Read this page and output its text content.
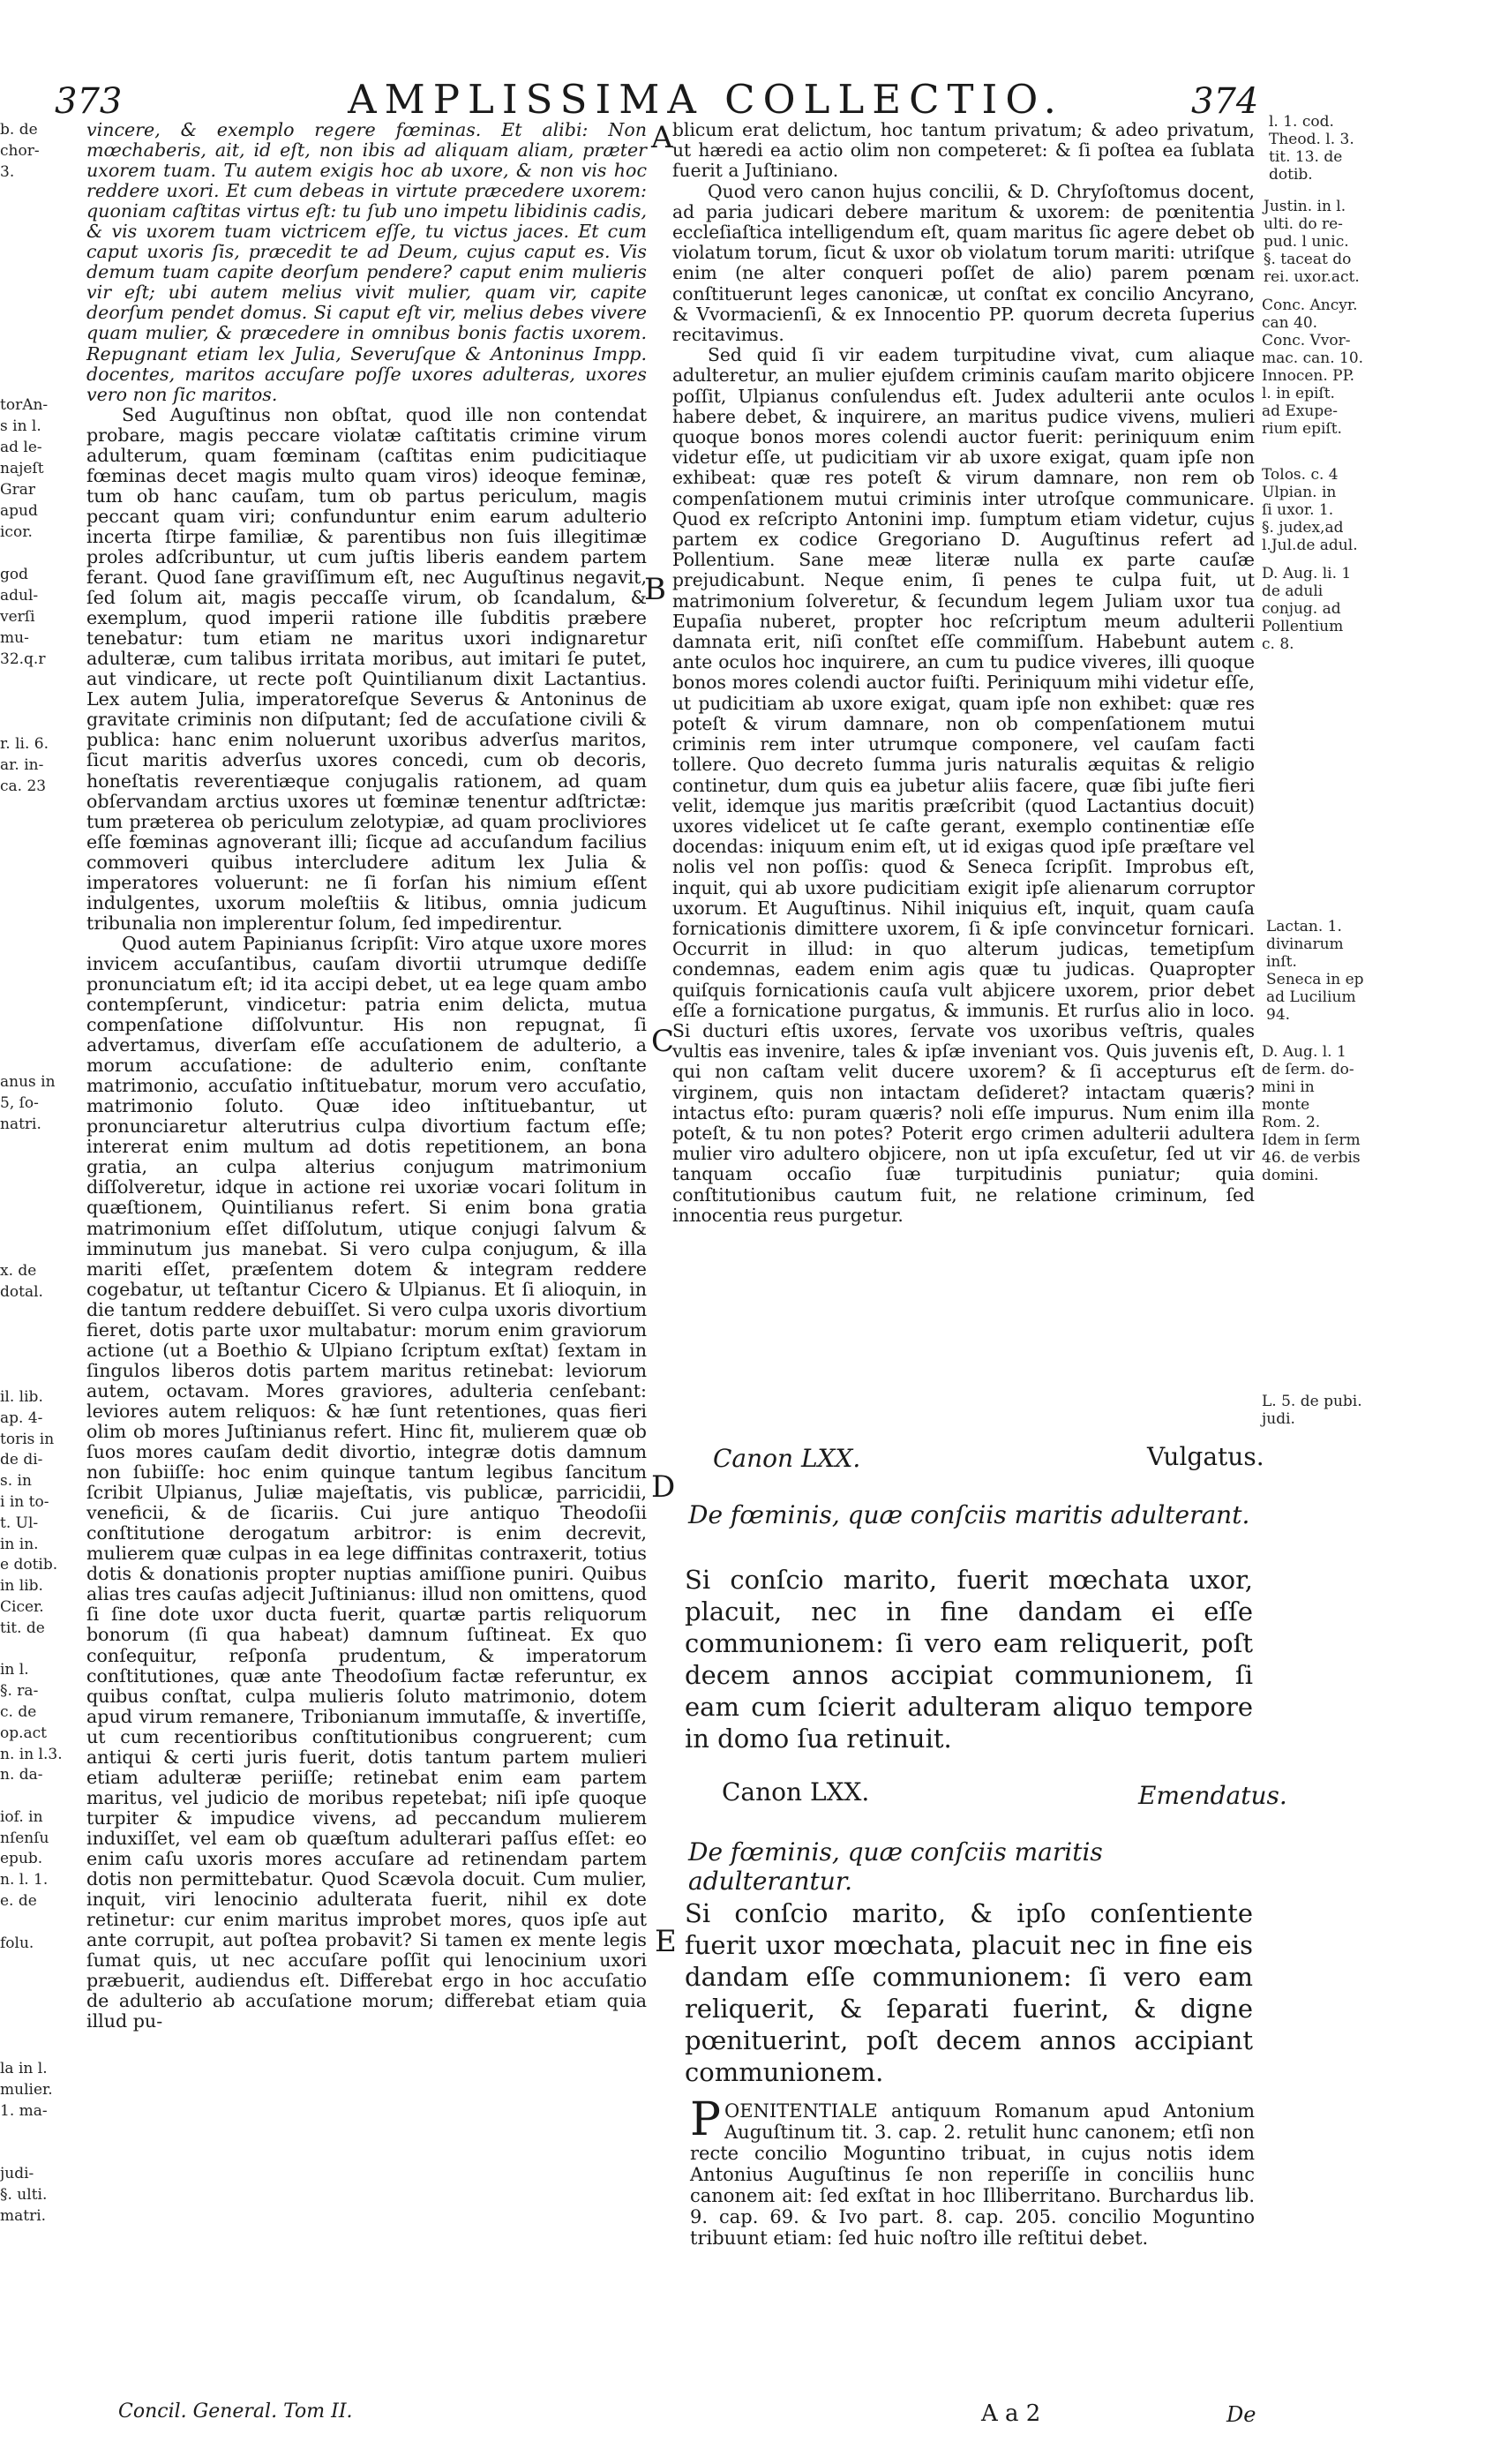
373	AMPLISSIMA COLLECTIO.	374
b. de
chor-
3.

torAn-
s in l.
ad le-
najeſt
Grar
apud
icor.

god
adul-
verſi
mu-
32.q.r

r. li. 6.
ar. in-
ca. 23
anus in
5, ſo-
natri.

x. de
dotal.

il. lib.
ap. 4-
toris in
de di-
s. in
i in to-
t. Ul-
in in.
e dotib.
in lib.
Cicer.
tit. de

in l.
§. ra-
c. de
ор.асt
n. in l.3.
n. da-

iof. in
nſenſu
epub.
n. l. 1.
e. de

folu.

la in l.
mulier.
1. ma-

judi-
§. ulti.
matri.
A
B
C
D
E

vincere, & exemplo regere fœminas. Et alibi: Non mœchaberis, ait, id eſt, non ibis ad aliquam aliam, præter uxorem tuam. Tu autem exigis hoc ab uxore, & non vis hoc reddere uxori. Et cum debeas in virtute præcedere uxorem: quoniam caſtitas virtus eſt: tu ſub uno impetu libidinis cadis, & vis uxorem tuam victricem eſſe, tu victus jaces. Et cum caput uxoris ſis, præcedit te ad Deum, cujus caput es. Vis demum tuam capite deorſum pendere? caput enim mulieris vir eſt; ubi autem melius vivit mulier, quam vir, capite deorſum pendet domus. Si caput eſt vir, melius debes vivere quam mulier, & præcedere in omnibus bonis factis uxorem. Repugnant etiam lex Julia, Severuſque & Antoninus Impp. docentes, maritos accuſare poſſe uxores adulteras, uxores vero non ſic maritos.

Sed Auguſtinus non obſtat, quod ille non contendat probare, magis peccare violatæ caſtitatis crimine virum adulterum, quam fœminam (caſtitas enim pudicitiaque fœminas decet magis multo quam viros) ideoque feminæ, tum ob hanc cauſam, tum ob partus periculum, magis peccant quam viri; confunduntur enim earum adulterio incerta ſtirpe familiæ, & parentibus non ſuis illegitimæ proles adſcribuntur, ut cum juſtis liberis eandem partem ferant. Quod ſane graviſſimum eſt, nec Auguſtinus negavit, ſed ſolum ait, magis peccaſſe virum, ob ſcandalum, & exemplum, quod imperii ratione ille ſubditis præbere tenebatur: tum etiam ne maritus uxori indignaretur adulteræ, cum talibus irritata moribus, aut imitari ſe putet, aut vindicare, ut recte poſt Quintilianum dixit Lactantius. Lex autem Julia, imperatoreſque Severus & Antoninus de gravitate criminis non diſputant; ſed de accuſatione civili & publica: hanc enim noluerunt uxoribus adverſus maritos, ſicut maritis adverſus uxores concedi, cum ob decoris, honeſtatis reverentiæque conjugalis rationem, ad quam obſervandam arctius uxores ut fœminæ tenentur adſtrictæ: tum præterea ob periculum zelotypiæ, ad quam procliviores eſſe fœminas agnoverant illi; ſicque ad accuſandum facilius commoveri quibus intercludere aditum lex Julia & imperatores voluerunt: ne ſi forſan his nimium eſſent indulgentes, uxorum moleſtiis & litibus, omnia judicum tribunalia non implerentur ſolum, ſed impedirentur.

Quod autem Papinianus ſcripſit: Viro atque uxore mores invicem accuſantibus, cauſam divortii utrumque dediſſe pronunciatum eſt; id ita accipi debet, ut ea lege quam ambo contempſerunt, vindicetur: patria enim delicta, mutua compenſatione diſſolvuntur. His non repugnat, ſi advertamus, diverſam eſſe accuſationem de adulterio, a morum accuſatione: de adulterio enim, conſtante matrimonio, accuſatio inſtituebatur, morum vero accuſatio, matrimonio ſoluto. Quæ ideo inſtituebantur, ut pronunciaretur alterutrius culpa divortium factum eſſe; intererat enim multum ad dotis repetitionem, an bona gratia, an culpa alterius conjugum matrimonium diſſolveretur, idque in actione rei uxoriæ vocari ſolitum in quæſtionem, Quintilianus refert. Si enim bona gratia matrimonium eſſet diſſolutum, utique conjugi ſalvum & imminutum jus manebat. Si vero culpa conjugum, & illa mariti eſſet, præſentem dotem & integram reddere cogebatur, ut teſtantur Cicero & Ulpianus. Et ſi alioquin, in die tantum reddere debuiſſet. Si vero culpa uxoris divortium fieret, dotis parte uxor multabatur: morum enim graviorum actione (ut a Boethio & Ulpiano ſcriptum exſtat) ſextam in ſingulos liberos dotis partem maritus retinebat: leviorum autem, octavam. Mores graviores, adulteria cenſebant: leviores autem reliquos: & hæ ſunt retentiones, quas fieri olim ob mores Juſtinianus refert. Hinc fit, mulierem quæ ob ſuos mores cauſam dedit divortio, integræ dotis damnum non ſubiiſſe: hoc enim quinque tantum legibus ſancitum ſcribit Ulpianus, Juliæ majeſtatis, vis publicæ, parricidii, veneficii, & de ſicariis. Cui jure antiquo Theodoſii conſtitutione derogatum arbitror: is enim decrevit, mulierem quæ culpas in ea lege diffinitas contraxerit, totius dotis & donationis propter nuptias amiſſione puniri. Quibus alias tres cauſas adjecit Juſtinianus: illud non omittens, quod ſi ſine dote uxor ducta fuerit, quartæ partis reliquorum bonorum (ſi qua habeat) damnum ſuſtineat. Ex quo conſequitur, reſponſa prudentum, & imperatorum conſtitutiones, quæ ante Theodoſium factæ referuntur, ex quibus conſtat, culpa mulieris ſoluto matrimonio, dotem apud virum remanere, Tribonianum immutaſſe, & invertiſſe, ut cum recentioribus conſtitutionibus congruerent; cum antiqui & certi juris fuerit, dotis tantum partem mulieri etiam adulteræ periiſſe; retinebat enim eam partem maritus, vel judicio de moribus repetebat; niſi ipſe quoque turpiter & impudice vivens, ad peccandum mulierem induxiſſet, vel eam ob quæſtum adulterari paſſus eſſet: eo enim caſu uxoris mores accuſare ad retinendam partem dotis non permittebatur. Quod Scævola docuit. Cum mulier, inquit, viri lenocinio adulterata fuerit, nihil ex dote retinetur: cur enim maritus improbet mores, quos ipſe aut ante corrupit, aut poſtea probavit? Si tamen ex mente legis ſumat quis, ut nec accuſare poſſit qui lenocinium uxori præbuerit, audiendus eſt. Differebat ergo in hoc accuſatio de adulterio ab accuſatione morum; differebat etiam quia illud pu-

blicum erat delictum, hoc tantum privatum; & adeo privatum, ut hæredi ea actio olim non competeret: & ſi poſtea ea ſublata fuerit a Juſtiniano.

Quod vero canon hujus concilii, & D. Chryſoſtomus docent, ad paria judicari debere maritum & uxorem: de pœnitentia eccleſiaſtica intelligendum eſt, quam maritus ſic agere debet ob violatum torum, ſicut & uxor ob violatum torum mariti: utriſque enim (ne alter conqueri poſſet de alio) parem pœnam conſtituerunt leges canonicæ, ut conſtat ex concilio Ancyrano, & Vvormacienſi, & ex Innocentio PP. quorum decreta ſuperius recitavimus.

Sed quid ſi vir eadem turpitudine vivat, cum aliaque adulteretur, an mulier ejuſdem criminis cauſam marito objicere poſſit, Ulpianus conſulendus eſt. Judex adulterii ante oculos habere debet, & inquirere, an maritus pudice vivens, mulieri quoque bonos mores colendi auctor fuerit: periniquum enim videtur eſſe, ut pudicitiam vir ab uxore exigat, quam ipſe non exhibeat: quæ res poteſt & virum damnare, non rem ob compenſationem mutui criminis inter utroſque communicare. Quod ex reſcripto Antonini imp. ſumptum etiam videtur, cujus partem ex codice Gregoriano D. Auguſtinus refert ad Pollentium. Sane meæ literæ nulla ex parte cauſæ prejudicabunt. Neque enim, ſi penes te culpa fuit, ut matrimonium ſolveretur, & ſecundum legem Juliam uxor tua Eupaſia nuberet, propter hoc reſcriptum meum adulterii damnata erit, niſi conſtet eſſe commiſſum. Habebunt autem ante oculos hoc inquirere, an cum tu pudice viveres, illi quoque bonos mores colendi auctor fuiſti. Periniquum mihi videtur eſſe, ut pudicitiam ab uxore exigat, quam ipſe non exhibet: quæ res poteſt & virum damnare, non ob compenſationem mutui criminis rem inter utrumque componere, vel cauſam facti tollere. Quo decreto ſumma juris naturalis æquitas & religio continetur, dum quis ea jubetur aliis facere, quæ ſibi juſte fieri velit, idemque jus maritis præſcribit (quod Lactantius docuit) uxores videlicet ut ſe caſte gerant, exemplo continentiæ eſſe docendas: iniquum enim eſt, ut id exigas quod ipſe præſtare vel nolis vel non poſſis: quod & Seneca ſcripſit. Improbus eſt, inquit, qui ab uxore pudicitiam exigit ipſe alienarum corruptor uxorum. Et Auguſtinus. Nihil iniquius eſt, inquit, quam cauſa fornicationis dimittere uxorem, ſi & ipſe convincetur fornicari. Occurrit in illud: in quo alterum judicas, temetipſum condemnas, eadem enim agis quæ tu judicas. Quapropter quiſquis fornicationis cauſa vult abjicere uxorem, prior debet eſſe a fornicatione purgatus, & immunis. Et rurſus alio in loco. Si ducturi eſtis uxores, ſervate vos uxoribus veſtris, quales vultis eas invenire, tales & ipſæ inveniant vos. Quis juvenis eſt, qui non caſtam velit ducere uxorem? & ſi accepturus eſt virginem, quis non intactam deſideret? intactam quæris? intactus eſto: puram quæris? noli eſſe impurus. Num enim illa poteſt, & tu non potes? Poterit ergo crimen adulterii adultera mulier viro adultero objicere, non ut ipſa excuſetur, ſed ut vir tanquam occaſio ſuæ turpitudinis puniatur; quia conſtitutionibus cautum fuit, ne relatione criminum, ſed innocentia reus purgetur.

l. 1. cod.
Theod. l. 3.
tit. 13. de
dotib.
Justin. in l.
ulti. do re-
pud. l unic.
§. taceat do
rei. uxor.act.
Conc. Ancyr.
can 40.
Conc. Vvor-
mac. can. 10.
Innocen. PP.
l. in epiſt.
ad Exupe-
rium epiſt.
Tolos. c. 4
Ulpian. in
ſi uxor. 1.
§. judex,ad
l.Jul.de adul.
D. Aug. li. 1
de aduli
conjug. ad
Pollentium
c. 8.
Lactan. 1.
divinarum
inſt.
Seneca in ep
ad Lucilium
94.
D. Aug. l. 1
de ſerm. do-
mini in
monte
Rom. 2.
Idem in ſerm
46. de verbis
domini.
L. 5. de pubi.
judi.
Canon LXX.	Vulgatus.
De fœminis, quæ conſciis maritis adulterant.
Si conſcio marito, fuerit mœchata uxor, placuit, nec in fine dandam ei eſſe communionem: ſi vero eam reliquerit, poſt decem annos accipiat communionem, ſi eam cum ſcierit adulteram aliquo tempore in domo ſua retinuit.
Canon LXX.	Emendatus.
De fœminis, quæ conſciis maritis adulterantur.
Si conſcio marito, & ipſo conſentiente fuerit uxor mœchata, placuit nec in fine eis dandam eſſe communionem: ſi vero eam reliquerit, & ſeparati fuerint, & digne pœnituerint, poſt decem annos accipiant communionem.
POENITENTIALE antiquum Romanum apud Antonium Auguſtinum tit. 3. cap. 2. retulit hunc canonem; etſi non recte concilio Moguntino tribuat, in cujus notis idem Antonius Auguſtinus ſe non reperiſſe in conciliis hunc canonem ait: ſed exſtat in hoc Illiberritano. Burchardus lib. 9. cap. 69. & Ivo part. 8. cap. 205. concilio Moguntino tribuunt etiam: ſed huic noſtro ille reſtitui debet.
Concil. General. Tom II.	A a 2	De
